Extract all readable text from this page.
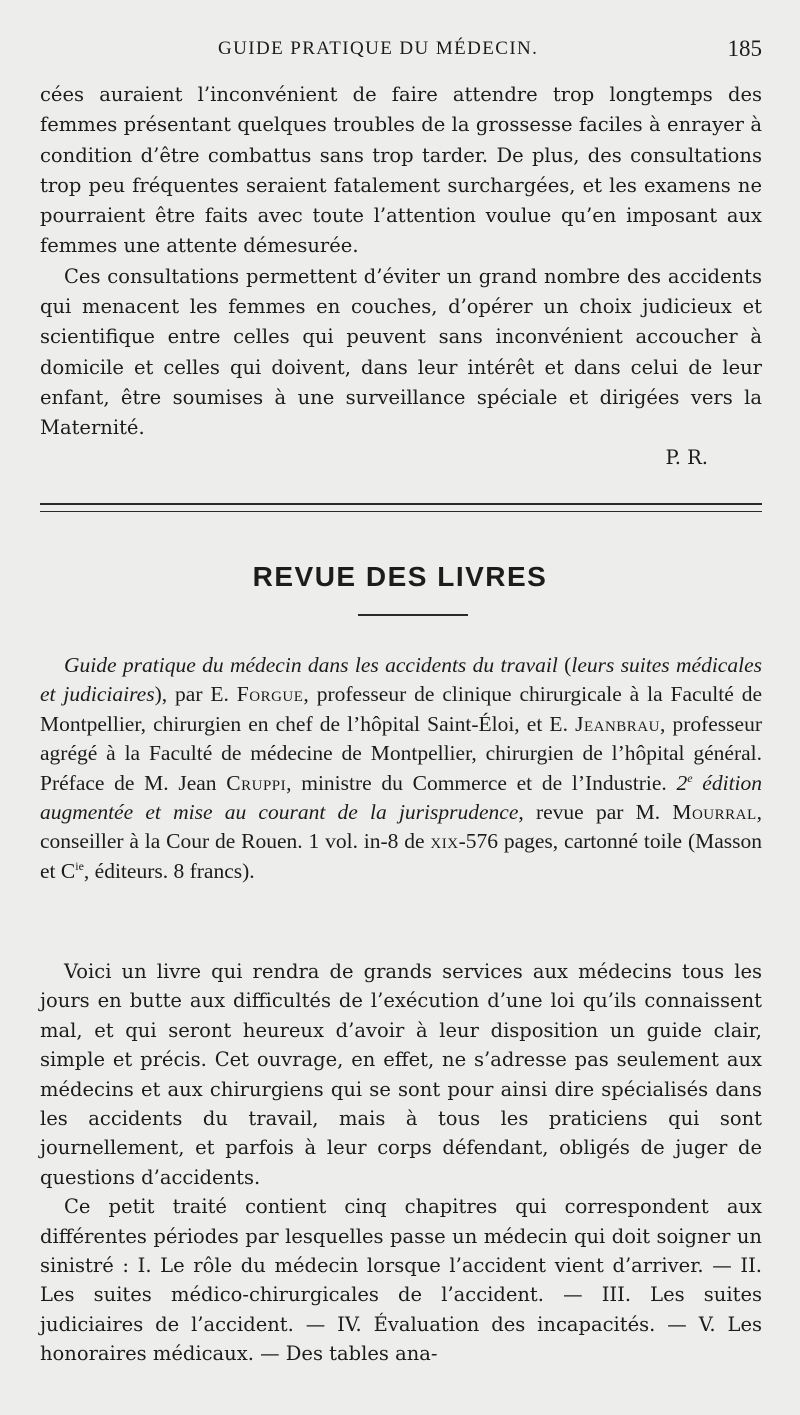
GUIDE PRATIQUE DU MÉDECIN.	185

cées auraient l’inconvénient de faire attendre trop longtemps des femmes présentant quelques troubles de la grossesse faciles à enrayer à condition d’être combattus sans trop tarder. De plus, des consultations trop peu fréquentes seraient fatalement surchargées, et les examens ne pourraient être faits avec toute l’attention voulue qu’en imposant aux femmes une attente démesurée.

Ces consultations permettent d’éviter un grand nombre des accidents qui menacent les femmes en couches, d’opérer un choix judicieux et scientifique entre celles qui peuvent sans inconvénient accoucher à domicile et celles qui doivent, dans leur intérêt et dans celui de leur enfant, être soumises à une surveillance spéciale et dirigées vers la Maternité.

P. R.
REVUE DES LIVRES

Guide pratique du médecin dans les accidents du travail (leurs suites médicales et judiciaires), par E. Forgue, professeur de clinique chirurgicale à la Faculté de Montpellier, chirurgien en chef de l’hôpital Saint-Éloi, et E. Jeanbrau, professeur agrégé à la Faculté de médecine de Montpellier, chirurgien de l’hôpital général. Préface de M. Jean Cruppi, ministre du Commerce et de l’Industrie. 2e édition augmentée et mise au courant de la jurisprudence, revue par M. Mourral, conseiller à la Cour de Rouen. 1 vol. in-8 de xix-576 pages, cartonné toile (Masson et $C^{ie}$, éditeurs. 8 francs).

Voici un livre qui rendra de grands services aux médecins tous les jours en butte aux difficultés de l’exécution d’une loi qu’ils connaissent mal, et qui seront heureux d’avoir à leur disposition un guide clair, simple et précis. Cet ouvrage, en effet, ne s’adresse pas seulement aux médecins et aux chirurgiens qui se sont pour ainsi dire spécialisés dans les accidents du travail, mais à tous les praticiens qui sont journellement, et parfois à leur corps défendant, obligés de juger de questions d’accidents.

Ce petit traité contient cinq chapitres qui correspondent aux différentes périodes par lesquelles passe un médecin qui doit soigner un sinistré : I. Le rôle du médecin lorsque l’accident vient d’arriver. — II. Les suites médico-chirurgicales de l’accident. — III. Les suites judiciaires de l’accident. — IV. Évaluation des incapacités. — V. Les honoraires médicaux. — Des tables ana-
